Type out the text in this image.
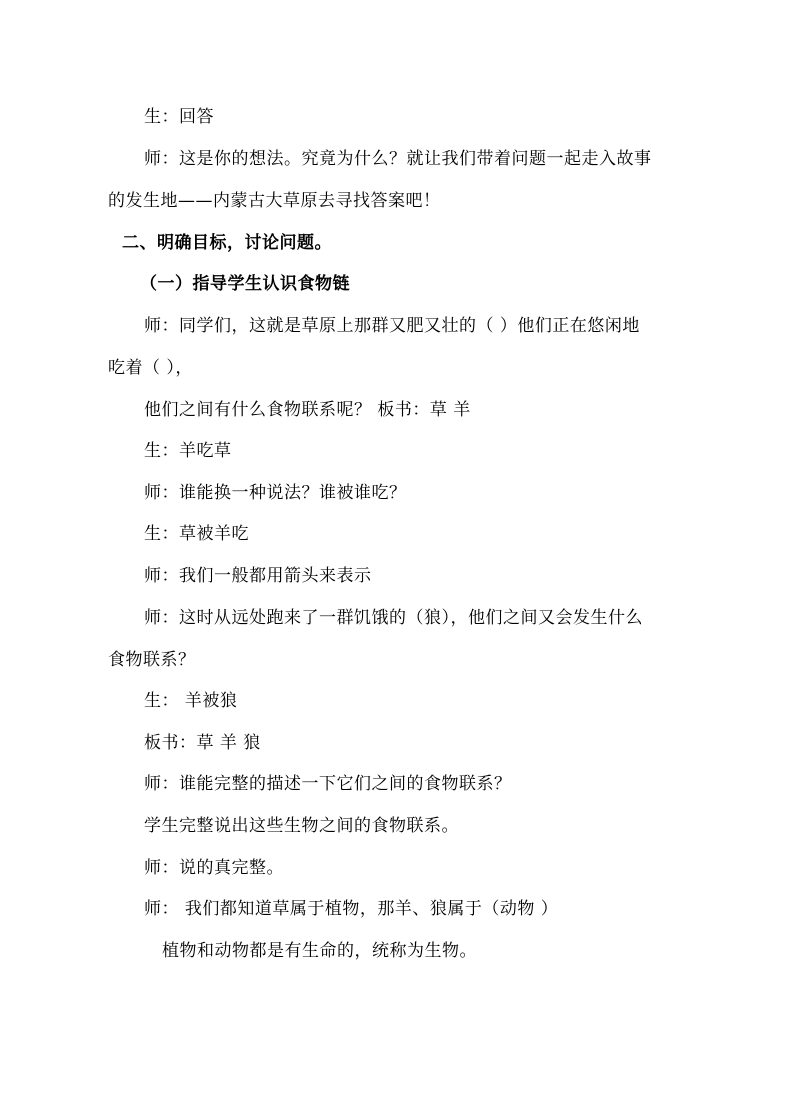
生：回答
师：这是你的想法。究竟为什么？就让我们带着问题一起走入故事
的发生地——内蒙古大草原去寻找答案吧！
二、明确目标，讨论问题。
（一）指导学生认识食物链
师：同学们，这就是草原上那群又肥又壮的（ ）他们正在悠闲地
吃着（ ），
他们之间有什么食物联系呢？ 板书：草 羊
生：羊吃草
师：谁能换一种说法？谁被谁吃？
生：草被羊吃
师：我们一般都用箭头来表示
师：这时从远处跑来了一群饥饿的（狼），他们之间又会发生什么
食物联系？
生： 羊被狼
板书：草 羊 狼
师：谁能完整的描述一下它们之间的食物联系？
学生完整说出这些生物之间的食物联系。
师：说的真完整。
师： 我们都知道草属于植物，那羊、狼属于（动物 ）
植物和动物都是有生命的，统称为生物。
